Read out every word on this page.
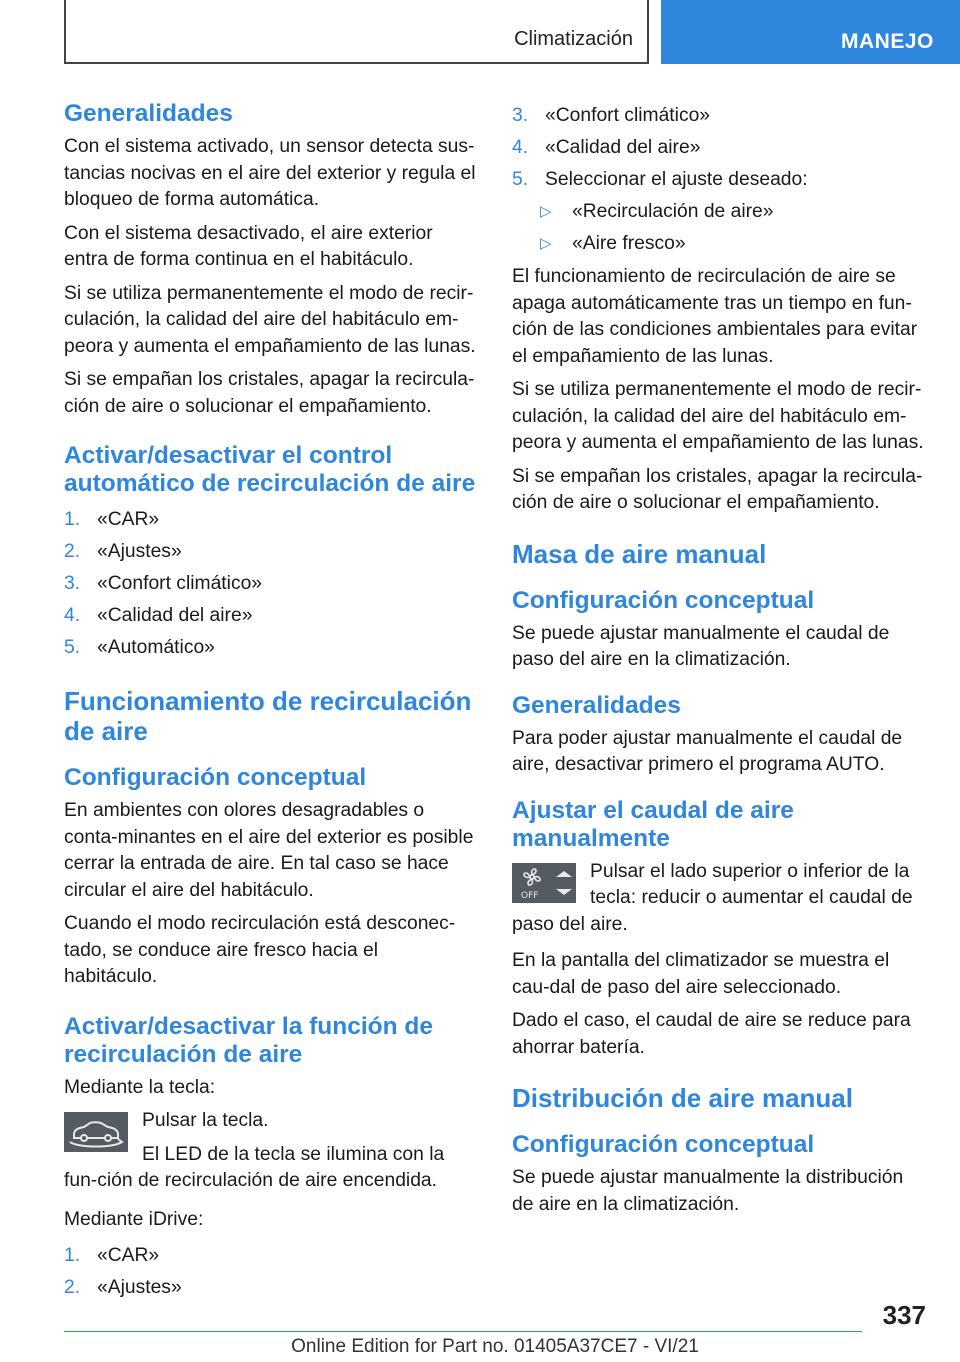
Climatización	MANEJO
Generalidades
Con el sistema activado, un sensor detecta sus-tancias nocivas en el aire del exterior y regula el bloqueo de forma automática.
Con el sistema desactivado, el aire exterior entra de forma continua en el habitáculo.
Si se utiliza permanentemente el modo de recir-culación, la calidad del aire del habitáculo em-peora y aumenta el empañamiento de las lunas.
Si se empañan los cristales, apagar la recircula-ción de aire o solucionar el empañamiento.
Activar/desactivar el control automático de recirculación de aire
1. «CAR»
2. «Ajustes»
3. «Confort climático»
4. «Calidad del aire»
5. «Automático»
Funcionamiento de recirculación de aire
Configuración conceptual
En ambientes con olores desagradables o conta-minantes en el aire del exterior es posible cerrar la entrada de aire. En tal caso se hace circular el aire del habitáculo.
Cuando el modo recirculación está desconec-tado, se conduce aire fresco hacia el habitáculo.
Activar/desactivar la función de recirculación de aire
Mediante la tecla:
Pulsar la tecla.
El LED de la tecla se ilumina con la fun-ción de recirculación de aire encendida.
Mediante iDrive:
1. «CAR»
2. «Ajustes»
3. «Confort climático»
4. «Calidad del aire»
5. Seleccionar el ajuste deseado:
▷ «Recirculación de aire»
▷ «Aire fresco»
El funcionamiento de recirculación de aire se apaga automáticamente tras un tiempo en fun-ción de las condiciones ambientales para evitar el empañamiento de las lunas.
Si se utiliza permanentemente el modo de recir-culación, la calidad del aire del habitáculo em-peora y aumenta el empañamiento de las lunas.
Si se empañan los cristales, apagar la recircula-ción de aire o solucionar el empañamiento.
Masa de aire manual
Configuración conceptual
Se puede ajustar manualmente el caudal de paso del aire en la climatización.
Generalidades
Para poder ajustar manualmente el caudal de aire, desactivar primero el programa AUTO.
Ajustar el caudal de aire manualmente
OFF
Pulsar el lado superior o inferior de la tecla: reducir o aumentar el caudal de paso del aire.
En la pantalla del climatizador se muestra el cau-dal de paso del aire seleccionado.
Dado el caso, el caudal de aire se reduce para ahorrar batería.
Distribución de aire manual
Configuración conceptual
Se puede ajustar manualmente la distribución de aire en la climatización.
337
Online Edition for Part no. 01405A37CE7 - VI/21
